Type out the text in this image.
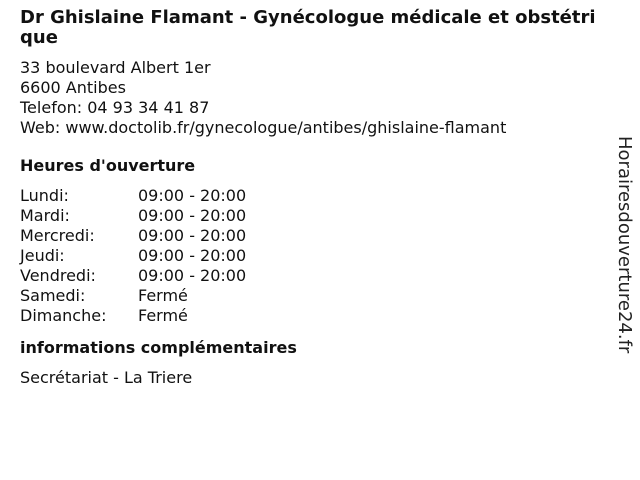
Dr Ghislaine Flamant - Gynécologue médicale et obstétrique
33 boulevard Albert 1er
6600 Antibes
Telefon: 04 93 34 41 87
Web: www.doctolib.fr/gynecologue/antibes/ghislaine-flamant
Heures d'ouverture
Lundi:	09:00 - 20:00
Mardi:	09:00 - 20:00
Mercredi:	09:00 - 20:00
Jeudi:	09:00 - 20:00
Vendredi:	09:00 - 20:00
Samedi:	Fermé
Dimanche:	Fermé
informations complémentaires
Secrétariat - La Triere
Horairesdouverture24.fr
